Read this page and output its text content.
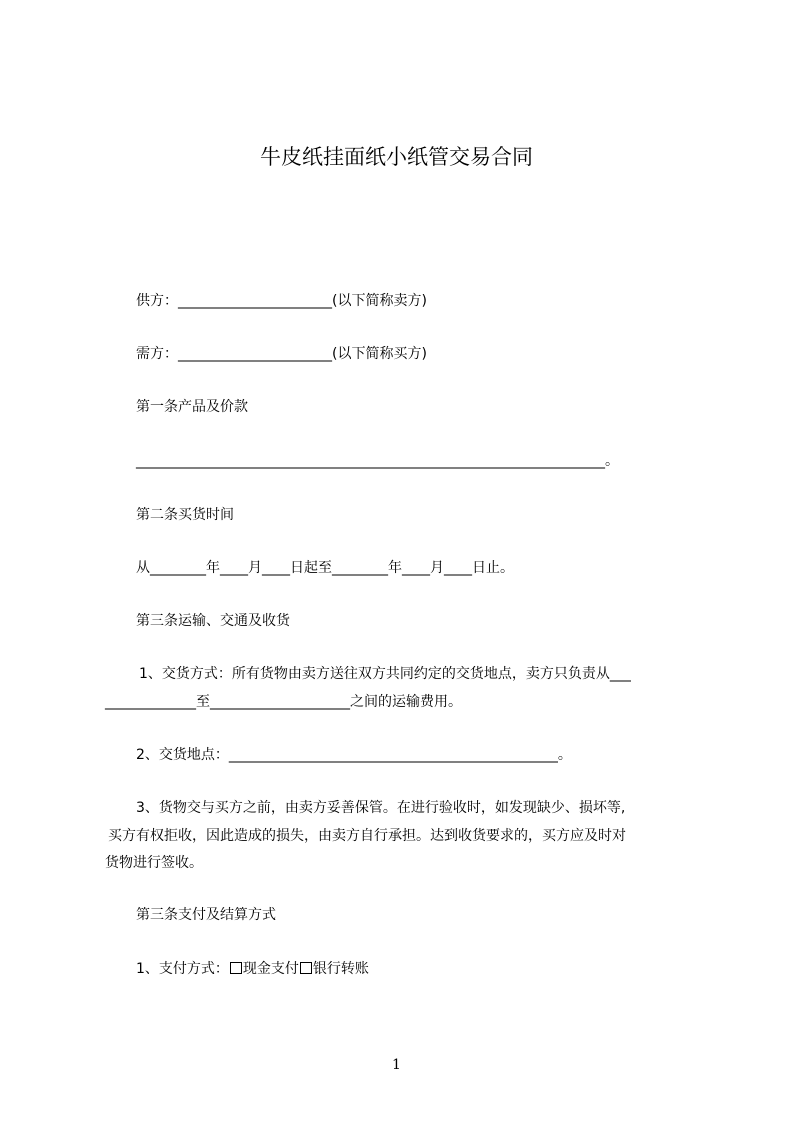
牛皮纸挂面纸小纸管交易合同
供方：______________________(以下简称卖方)
需方：______________________(以下简称买方)
第一条产品及价款
___________________________________________________________________。
第二条买货时间
从________年____月____日起至________年____月____日止。
第三条运输、交通及收货
1、交货方式：所有货物由卖方送往双方共同约定的交货地点，卖方只负责从___
_____________至____________________之间的运输费用。
2、交货地点：_______________________________________________。
3、货物交与买方之前，由卖方妥善保管。在进行验收时，如发现缺少、损坏等,
买方有权拒收，因此造成的损失，由卖方自行承担。达到收货要求的，买方应及时对
货物进行签收。
第三条支付及结算方式
1、支付方式： 现金支付 银行转账
1
